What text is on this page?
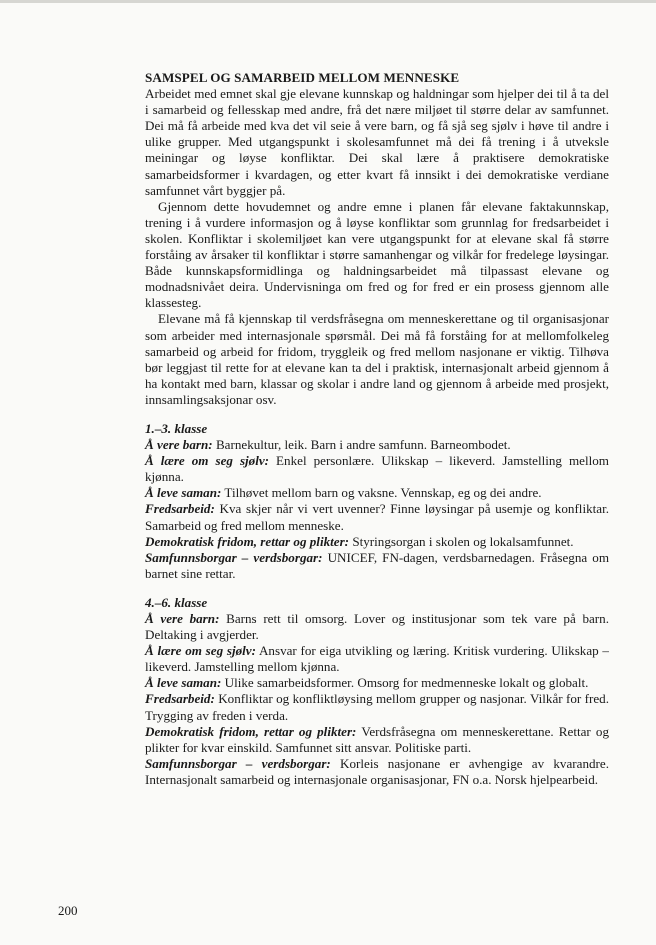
SAMSPEL OG SAMARBEID MELLOM MENNESKE

Arbeidet med emnet skal gje elevane kunnskap og haldningar som hjelper dei til å ta del i samarbeid og fellesskap med andre, frå det nære miljøet til større delar av samfunnet. Dei må få arbeide med kva det vil seie å vere barn, og få sjå seg sjølv i høve til andre i ulike grupper. Med utgangspunkt i skolesamfunnet må dei få trening i å utveksle meiningar og løyse konfliktar. Dei skal lære å praktisere demokratiske samarbeidsformer i kvardagen, og etter kvart få innsikt i dei demokratiske verdiane samfunnet vårt byggjer på.

Gjennom dette hovudemnet og andre emne i planen får elevane faktakunnskap, trening i å vurdere informasjon og å løyse konfliktar som grunnlag for fredsarbeidet i skolen. Konfliktar i skolemiljøet kan vere utgangspunkt for at elevane skal få større forståing av årsaker til konfliktar i større samanhengar og vilkår for fredelege løysingar. Både kunnskapsformidlinga og haldningsarbeidet må tilpassast elevane og modnadsnivået deira. Undervisninga om fred og for fred er ein prosess gjennom alle klassesteg.

Elevane må få kjennskap til verdsfråsegna om menneskerettane og til organisasjonar som arbeider med internasjonale spørsmål. Dei må få forståing for at mellomfolkeleg samarbeid og arbeid for fridom, tryggleik og fred mellom nasjonane er viktig. Tilhøva bør leggjast til rette for at elevane kan ta del i praktisk, internasjonalt arbeid gjennom å ha kontakt med barn, klassar og skolar i andre land og gjennom å arbeide med prosjekt, innsamlingsaksjonar osv.

1.–3. klasse

Å vere barn: Barnekultur, leik. Barn i andre samfunn. Barneombodet.

Å lære om seg sjølv: Enkel personlære. Ulikskap – likeverd. Jamstelling mellom kjønna.

Å leve saman: Tilhøvet mellom barn og vaksne. Vennskap, eg og dei andre.

Fredsarbeid: Kva skjer når vi vert uvenner? Finne løysingar på usemje og konfliktar. Samarbeid og fred mellom menneske.

Demokratisk fridom, rettar og plikter: Styringsorgan i skolen og lokalsamfunnet.

Samfunnsborgar – verdsborgar: UNICEF, FN-dagen, verdsbarnedagen. Fråsegna om barnet sine rettar.

4.–6. klasse

Å vere barn: Barns rett til omsorg. Lover og institusjonar som tek vare på barn. Deltaking i avgjerder.

Å lære om seg sjølv: Ansvar for eiga utvikling og læring. Kritisk vurdering. Ulikskap – likeverd. Jamstelling mellom kjønna.

Å leve saman: Ulike samarbeidsformer. Omsorg for medmenneske lokalt og globalt.

Fredsarbeid: Konfliktar og konfliktløysing mellom grupper og nasjonar. Vilkår for fred. Trygging av freden i verda.

Demokratisk fridom, rettar og plikter: Verdsfråsegna om menneskerettane. Rettar og plikter for kvar einskild. Samfunnet sitt ansvar. Politiske parti.

Samfunnsborgar – verdsborgar: Korleis nasjonane er avhengige av kvarandre. Internasjonalt samarbeid og internasjonale organisasjonar, FN o.a. Norsk hjelpearbeid.

200
